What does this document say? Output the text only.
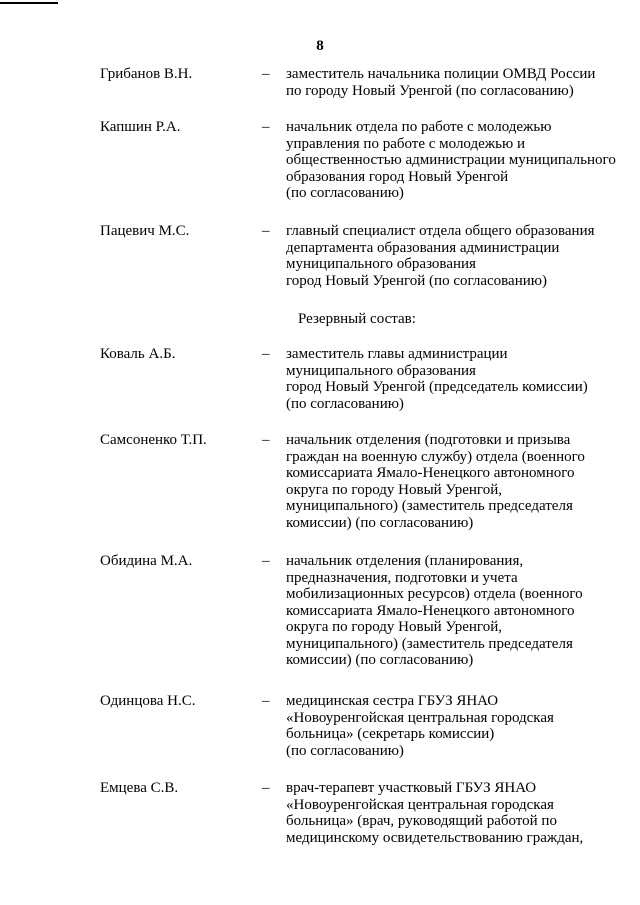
8
Грибанов В.Н.	– заместитель начальника полиции ОМВД России
по городу Новый Уренгой (по согласованию)
Капшин Р.А.	– начальник отдела по работе с молодежью
управления по работе с молодежью и
общественностью администрации муниципального
образования город Новый Уренгой
(по согласованию)
Пацевич М.С.	– главный специалист отдела общего образования
департамента образования администрации
муниципального образования
город Новый Уренгой (по согласованию)
Резервный состав:
Коваль А.Б.	– заместитель главы администрации
муниципального образования
город Новый Уренгой (председатель комиссии)
(по согласованию)
Самсоненко Т.П.	– начальник отделения (подготовки и призыва
граждан на военную службу) отдела (военного
комиссариата Ямало-Ненецкого автономного
округа по городу Новый Уренгой,
муниципального) (заместитель председателя
комиссии) (по согласованию)
Обидина М.А.	– начальник отделения (планирования,
предназначения, подготовки и учета
мобилизационных ресурсов) отдела (военного
комиссариата Ямало-Ненецкого автономного
округа по городу Новый Уренгой,
муниципального) (заместитель председателя
комиссии) (по согласованию)
Одинцова Н.С.	– медицинская сестра ГБУЗ ЯНАО
«Новоуренгойская центральная городская
больница» (секретарь комиссии)
(по согласованию)
Емцева С.В.	– врач-терапевт участковый ГБУЗ ЯНАО
«Новоуренгойская центральная городская
больница» (врач, руководящий работой по
медицинскому освидетельствованию граждан,
